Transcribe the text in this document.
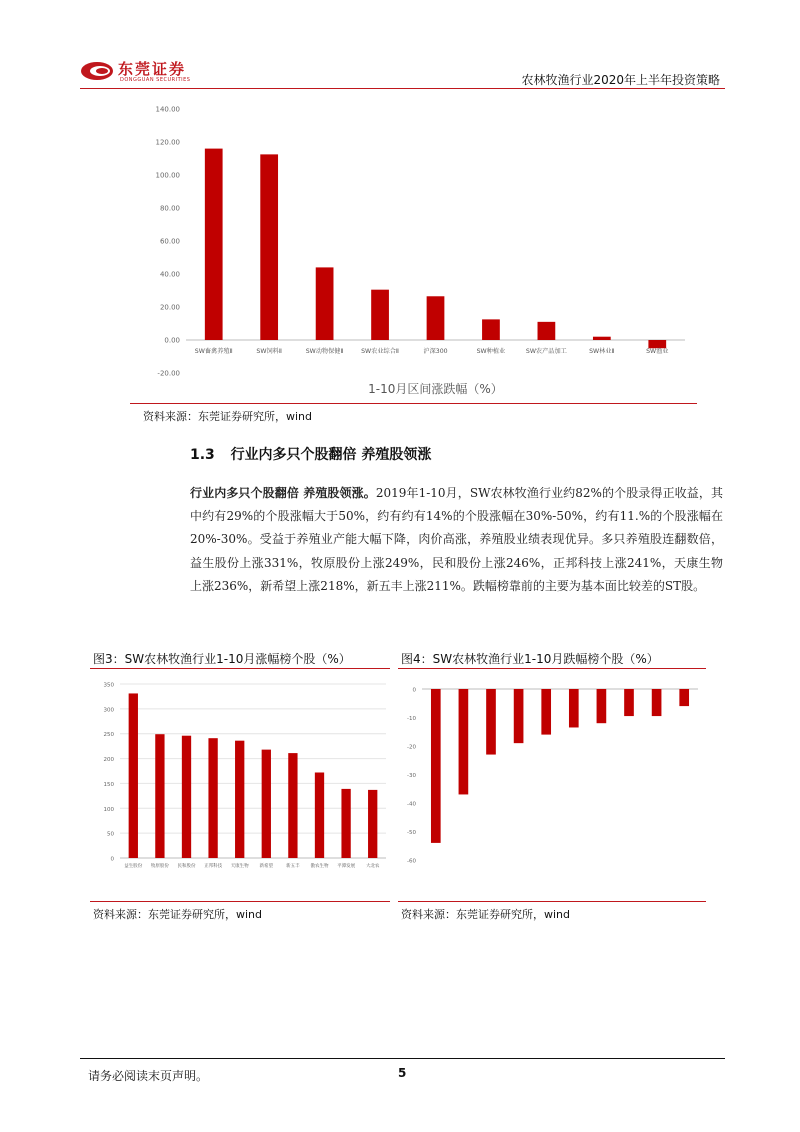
东莞证券
DONGGUAN SECURITIES	农林牧渔行业2020年上半年投资策略
-20.00
0.00
20.00
40.00
60.00
80.00
100.00
120.00
140.00
SW畜禽养殖Ⅱ	SW饲料Ⅱ	SW动物保健Ⅱ	SW农业综合Ⅱ	沪深300	SW种植业	SW农产品加工	SW林业Ⅱ	SW渔业
1-10月区间涨跌幅（%）
资料来源：东莞证券研究所，wind
1.3 行业内多只个股翻倍 养殖股领涨
行业内多只个股翻倍 养殖股领涨。2019年1-10月，SW农林牧渔行业约82%的个股录得正收益，其中约有29%的个股涨幅大于50%，约有约有14%的个股涨幅在30%-50%，约有11.%的个股涨幅在20%-30%。受益于养殖业产能大幅下降，肉价高涨，养殖股业绩表现优异。多只养殖股连翻数倍，益生股份上涨331%，牧原股份上涨249%，民和股份上涨246%，正邦科技上涨241%，天康生物上涨236%，新希望上涨218%，新五丰上涨211%。跌幅榜靠前的主要为基本面比较差的ST股。
图3：SW农林牧渔行业1-10月涨幅榜个股（%）	图4：SW农林牧渔行业1-10月跌幅榜个股（%）
0
50
100
150
200
250
300
350
益生股份 牧原股份 民和股份 正邦科技 天康生物 新希望	新五丰 傲农生物 平潭发展 大北农
-60
-50
-40
-30
-20
-10
0
资料来源：东莞证券研究所，wind	资料来源：东莞证券研究所，wind
请务必阅读末页声明。	5
